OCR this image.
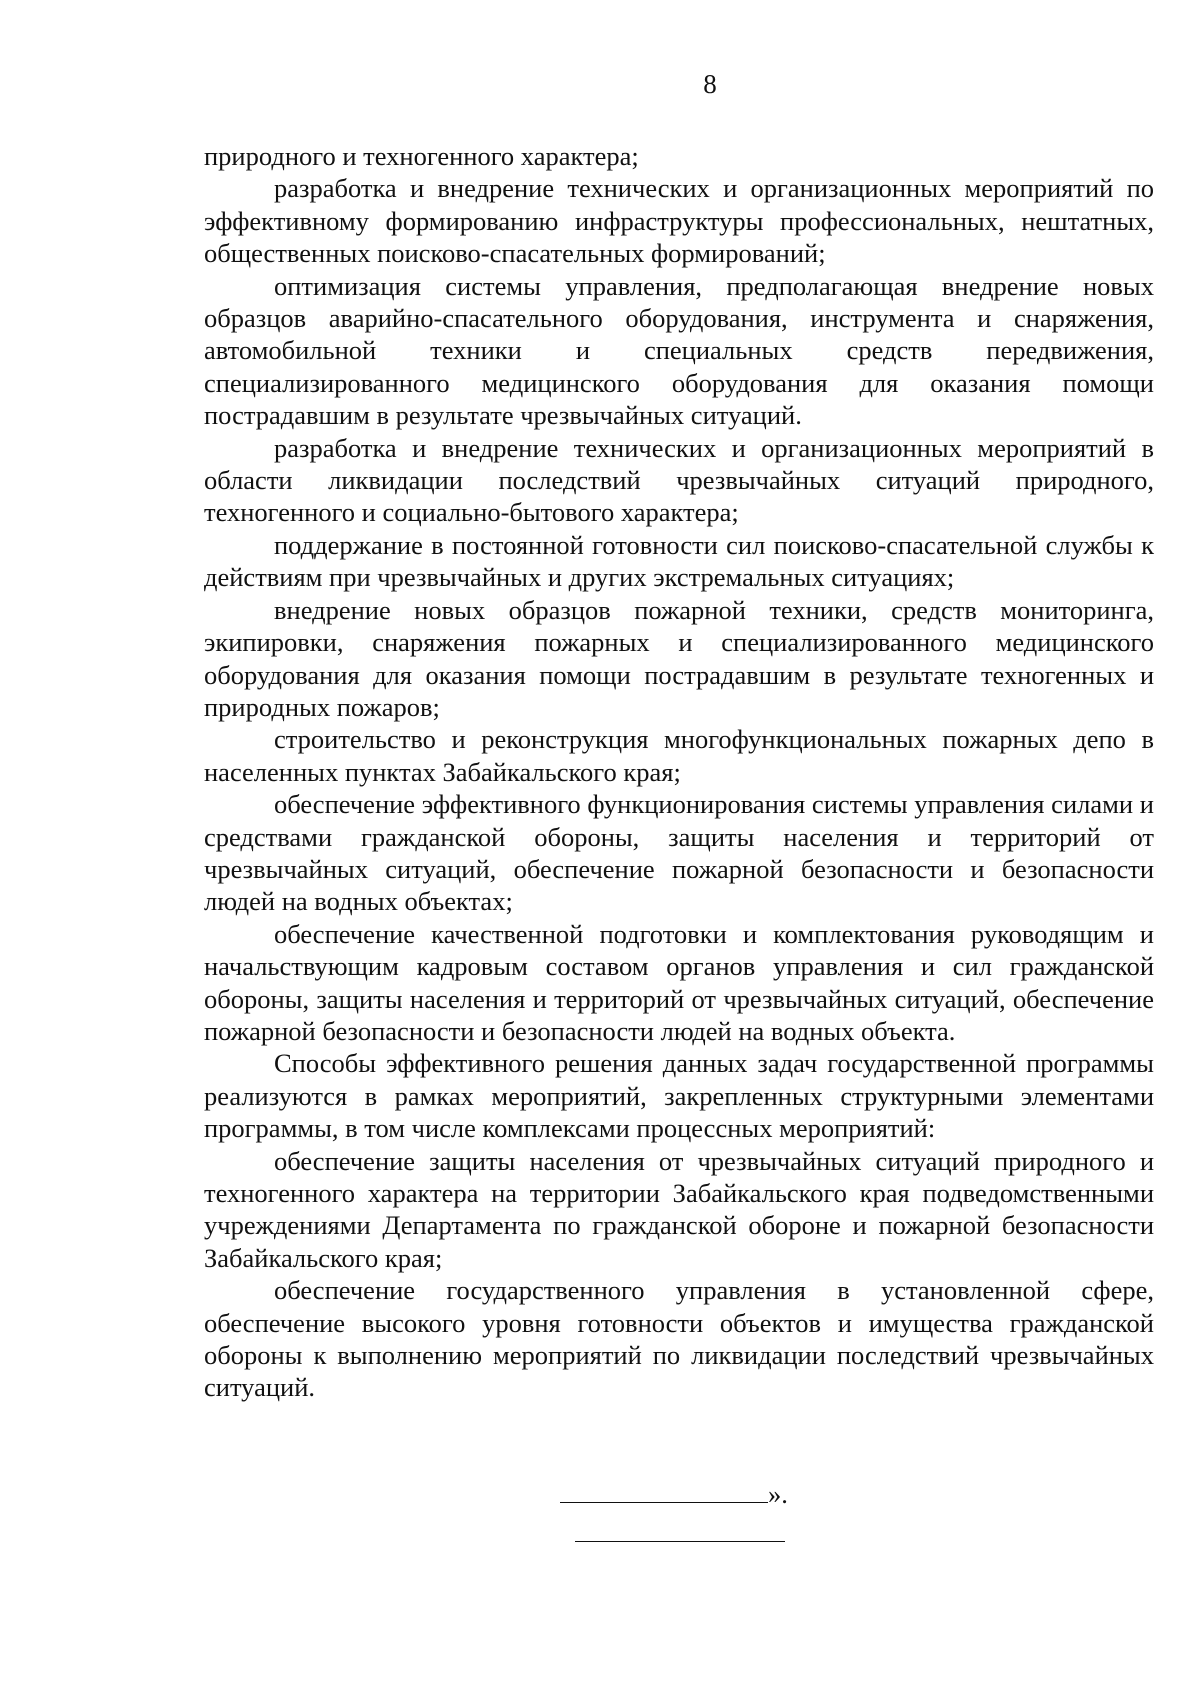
8

природного и техногенного характера;

разработка и внедрение технических и организационных мероприятий по эффективному формированию инфраструктуры профессиональных, нештатных, общественных поисково-спасательных формирований;

оптимизация системы управления, предполагающая внедрение новых образцов аварийно-спасательного оборудования, инструмента и снаряжения, автомобильной техники и специальных средств передвижения, специализированного медицинского оборудования для оказания помощи пострадавшим в результате чрезвычайных ситуаций.

разработка и внедрение технических и организационных мероприятий в области ликвидации последствий чрезвычайных ситуаций природного, техногенного и социально-бытового характера;

поддержание в постоянной готовности сил поисково-спасательной службы к действиям при чрезвычайных и других экстремальных ситуациях;

внедрение новых образцов пожарной техники, средств мониторинга, экипировки, снаряжения пожарных и специализированного медицинского оборудования для оказания помощи пострадавшим в результате техногенных и природных пожаров;

строительство и реконструкция многофункциональных пожарных депо в населенных пунктах Забайкальского края;

обеспечение эффективного функционирования системы управления силами и средствами гражданской обороны, защиты населения и территорий от чрезвычайных ситуаций, обеспечение пожарной безопасности и безопасности людей на водных объектах;

обеспечение качественной подготовки и комплектования руководящим и начальствующим кадровым составом органов управления и сил гражданской обороны, защиты населения и территорий от чрезвычайных ситуаций, обеспечение пожарной безопасности и безопасности людей на водных объекта.

Способы эффективного решения данных задач государственной программы реализуются в рамках мероприятий, закрепленных структурными элементами программы, в том числе комплексами процессных мероприятий:

обеспечение защиты населения от чрезвычайных ситуаций природного и техногенного характера на территории Забайкальского края подведомственными учреждениями Департамента по гражданской обороне и пожарной безопасности Забайкальского края;

обеспечение государственного управления в установленной сфере, обеспечение высокого уровня готовности объектов и имущества гражданской обороны к выполнению мероприятий по ликвидации последствий чрезвычайных ситуаций.

».
